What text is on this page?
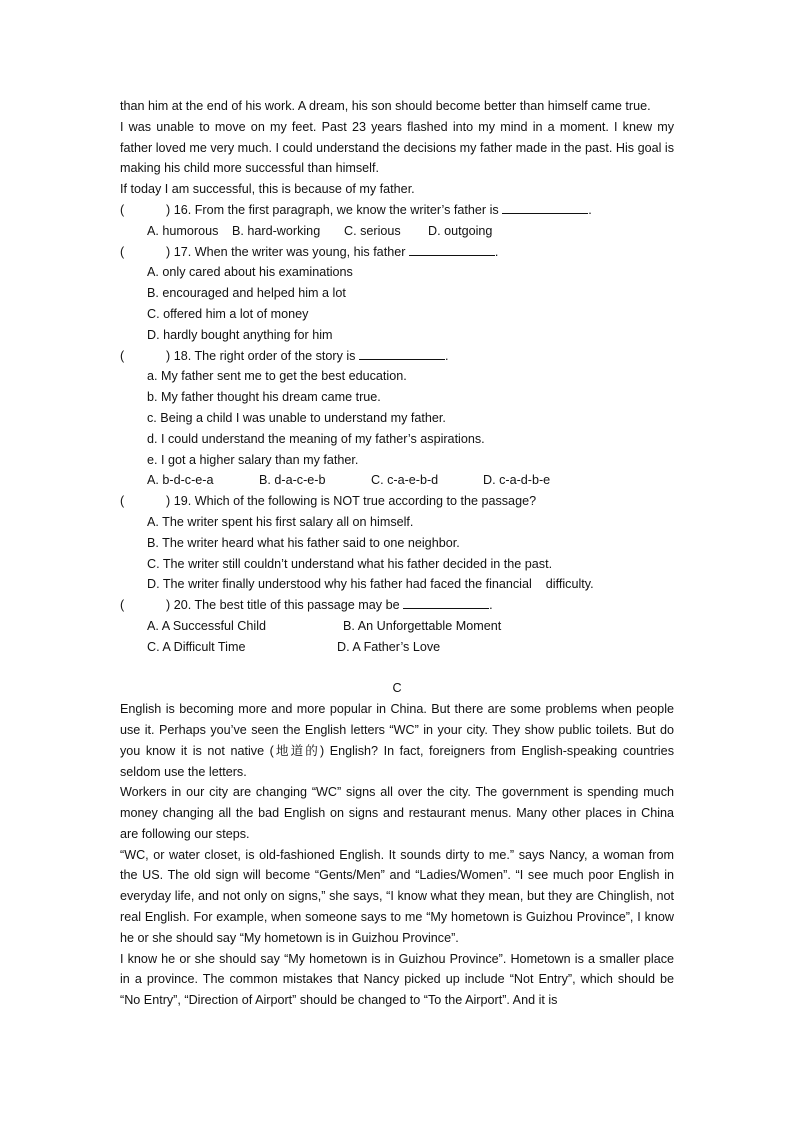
than him at the end of his work. A dream, his son should become better than himself came true.

I was unable to move on my feet. Past 23 years flashed into my mind in a moment. I knew my father loved me very much. I could understand the decisions my father made in the past. His goal is making his child more successful than himself.

If today I am successful, this is because of my father.

(	) 16. From the first paragraph, we know the writer’s father is	.

A. humorous B. hard-working C. serious D. outgoing

(	) 17. When the writer was young, his father	.

A. only cared about his examinations

B. encouraged and helped him a lot

C. offered him a lot of money

D. hardly bought anything for him

(	) 18. The right order of the story is	.

a. My father sent me to get the best education.

b. My father thought his dream came true.

c. Being a child I was unable to understand my father.

d. I could understand the meaning of my father’s aspirations.

e. I got a higher salary than my father.

A. b-d-c-e-a	B. d-a-c-e-b	C. c-a-e-b-d	D. c-a-d-b-e

(	) 19. Which of the following is NOT true according to the passage?

A. The writer spent his first salary all on himself.

B. The writer heard what his father said to one neighbor.

C. The writer still couldn’t understand what his father decided in the past.

D. The writer finally understood why his father had faced the financial    difficulty.

(	) 20. The best title of this passage may be	.

A. A Successful Child	B. An Unforgettable Moment
C. A Difficult Time	D. A Father’s Love

C

English is becoming more and more popular in China. But there are some problems when people use it. Perhaps you’ve seen the English letters “WC” in your city. They show public toilets. But do you know it is not native (地道的) English? In fact, foreigners from English-speaking countries seldom use the letters.

Workers in our city are changing “WC” signs all over the city. The government is spending much money changing all the bad English on signs and restaurant menus. Many other places in China are following our steps.

“WC, or water closet, is old-fashioned English. It sounds dirty to me.” says Nancy, a woman from the US. The old sign will become “Gents/Men” and “Ladies/Women”. “I see much poor English in everyday life, and not only on signs,” she says, “I know what they mean, but they are Chinglish, not real English. For example, when someone says to me “My hometown is Guizhou Province”, I know he or she should say “My hometown is in Guizhou Province”.

I know he or she should say “My hometown is in Guizhou Province”. Hometown is a smaller place in a province. The common mistakes that Nancy picked up include “Not Entry”, which should be “No Entry”, “Direction of Airport” should be changed to “To the Airport”. And it is
